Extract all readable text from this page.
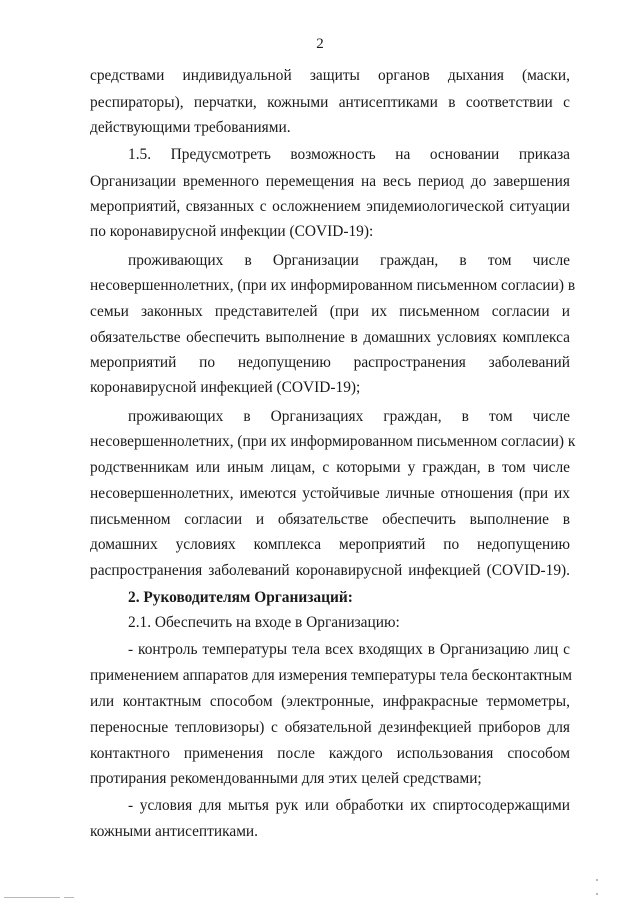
2
средствами индивидуальной защиты органов дыхания (маски,
респираторы), перчатки, кожными антисептиками в соответствии с
действующими требованиями.
1.5. Предусмотреть возможность на основании приказа
Организации временного перемещения на весь период до завершения
мероприятий, связанных с осложнением эпидемиологической ситуации
по коронавирусной инфекции (COVID-19):
проживающих в Организации граждан, в том числе
несовершеннолетних, (при их информированном письменном согласии) в
семьи законных представителей (при их письменном согласии и
обязательстве обеспечить выполнение в домашних условиях комплекса
мероприятий по недопущению распространения заболеваний
коронавирусной инфекцией (COVID-19);
проживающих в Организациях граждан, в том числе
несовершеннолетних, (при их информированном письменном согласии) к
родственникам или иным лицам, с которыми у граждан, в том числе
несовершеннолетних, имеются устойчивые личные отношения (при их
письменном согласии и обязательстве обеспечить выполнение в
домашних условиях комплекса мероприятий по недопущению
распространения заболеваний коронавирусной инфекцией (COVID-19).
2. Руководителям Организаций:
2.1. Обеспечить на входе в Организацию:
- контроль температуры тела всех входящих в Организацию лиц с
применением аппаратов для измерения температуры тела бесконтактным
или контактным способом (электронные, инфракрасные термометры,
переносные тепловизоры) с обязательной дезинфекцией приборов для
контактного применения после каждого использования способом
протирания рекомендованными для этих целей средствами;
- условия для мытья рук или обработки их спиртосодержащими
кожными антисептиками.
